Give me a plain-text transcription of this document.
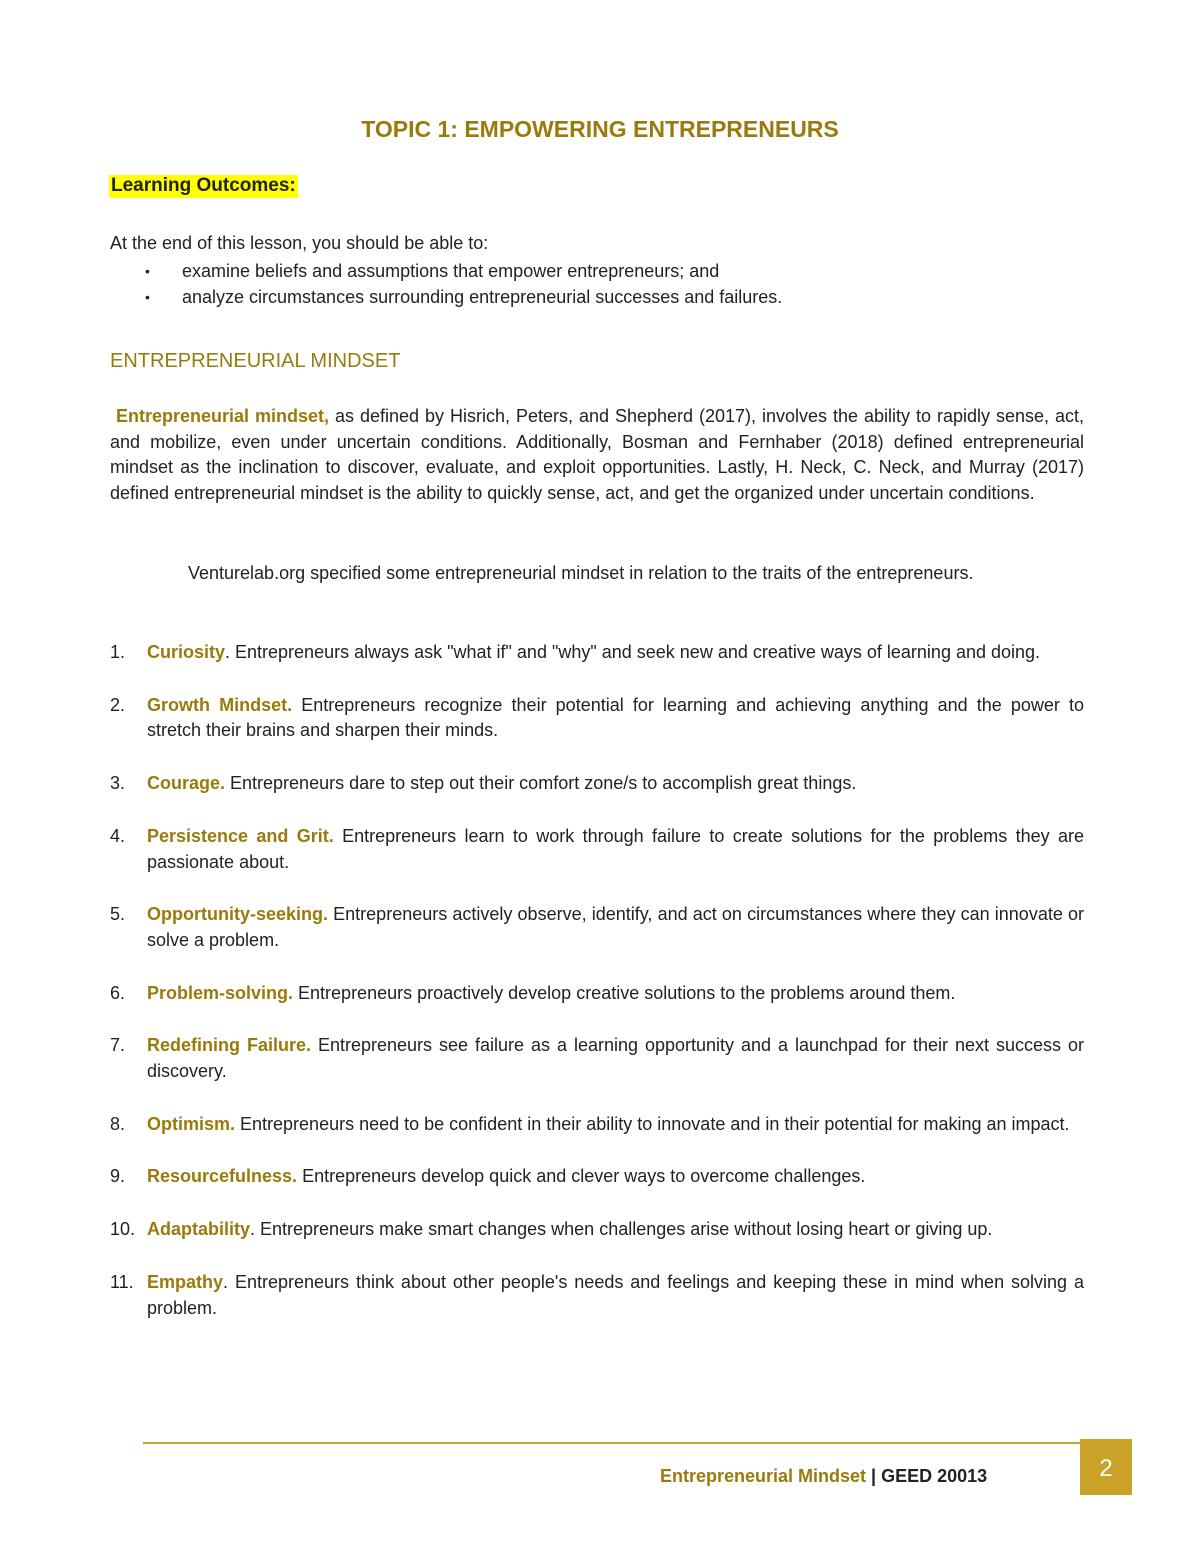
TOPIC 1: EMPOWERING ENTREPRENEURS
Learning Outcomes:

At the end of this lesson, you should be able to:

• examine beliefs and assumptions that empower entrepreneurs; and
• analyze circumstances surrounding entrepreneurial successes and failures.
ENTREPRENEURIAL MINDSET

Entrepreneurial mindset, as defined by Hisrich, Peters, and Shepherd (2017), involves the ability to rapidly sense, act, and mobilize, even under uncertain conditions. Additionally, Bosman and Fernhaber (2018) defined entrepreneurial mindset as the inclination to discover, evaluate, and exploit opportunities. Lastly, H. Neck, C. Neck, and Murray (2017) defined entrepreneurial mindset is the ability to quickly sense, act, and get the organized under uncertain conditions.

Venturelab.org specified some entrepreneurial mindset in relation to the traits of the entrepreneurs.

1. Curiosity. Entrepreneurs always ask "what if" and "why" and seek new and creative ways of learning and doing.
2. Growth Mindset. Entrepreneurs recognize their potential for learning and achieving anything and the power to stretch their brains and sharpen their minds.
3. Courage. Entrepreneurs dare to step out their comfort zone/s to accomplish great things.
4. Persistence and Grit. Entrepreneurs learn to work through failure to create solutions for the problems they are passionate about.
5. Opportunity-seeking. Entrepreneurs actively observe, identify, and act on circumstances where they can innovate or solve a problem.
6. Problem-solving. Entrepreneurs proactively develop creative solutions to the problems around them.
7. Redefining Failure. Entrepreneurs see failure as a learning opportunity and a launchpad for their next success or discovery.
8. Optimism. Entrepreneurs need to be confident in their ability to innovate and in their potential for making an impact.
9. Resourcefulness. Entrepreneurs develop quick and clever ways to overcome challenges.
10. Adaptability. Entrepreneurs make smart changes when challenges arise without losing heart or giving up.
11. Empathy. Entrepreneurs think about other people's needs and feelings and keeping these in mind when solving a problem.

Entrepreneurial Mindset | GEED 20013	2
